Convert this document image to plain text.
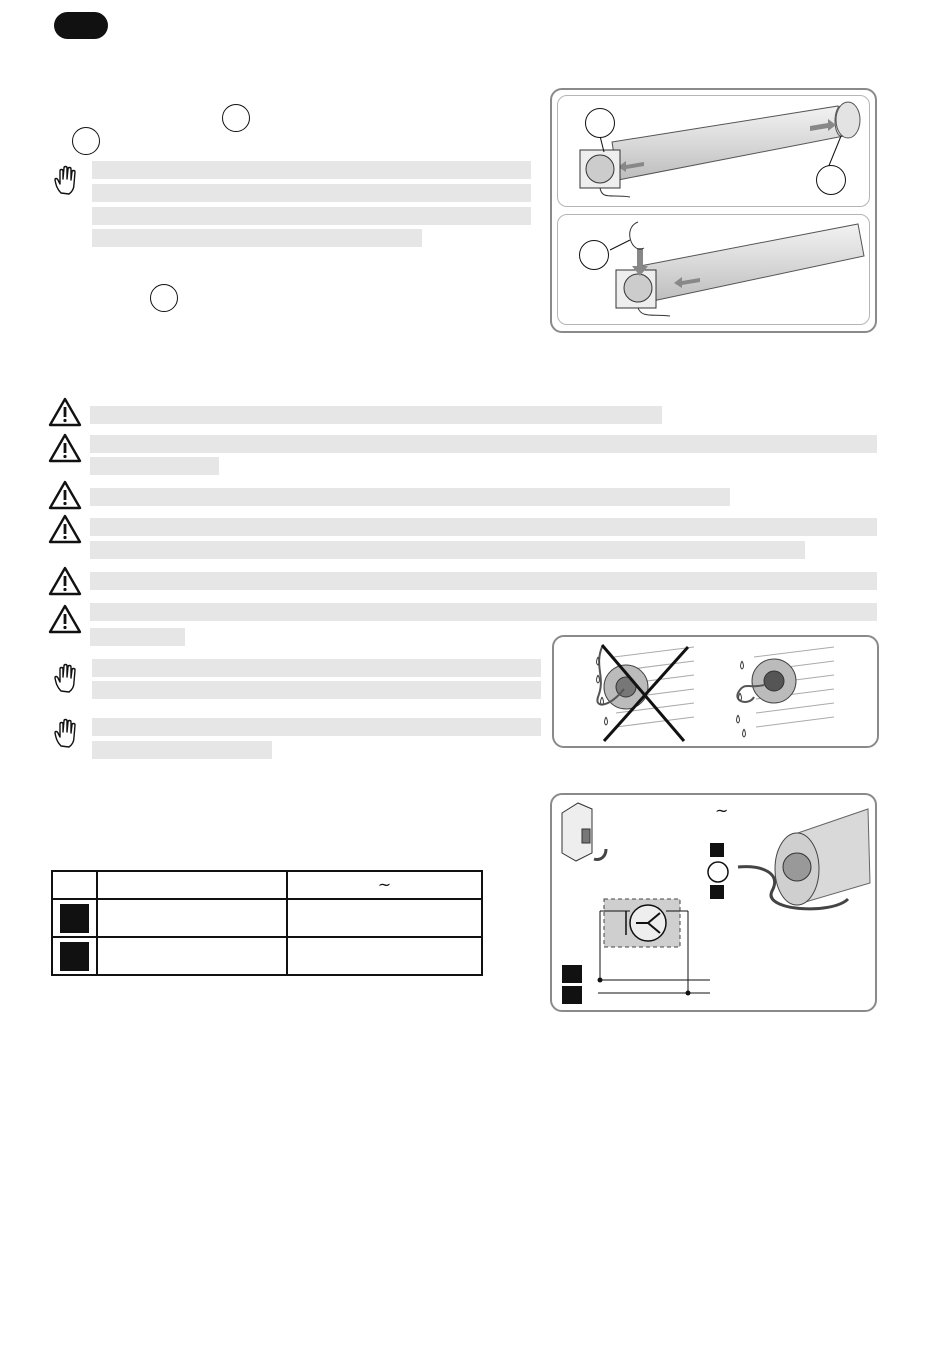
		~

~
